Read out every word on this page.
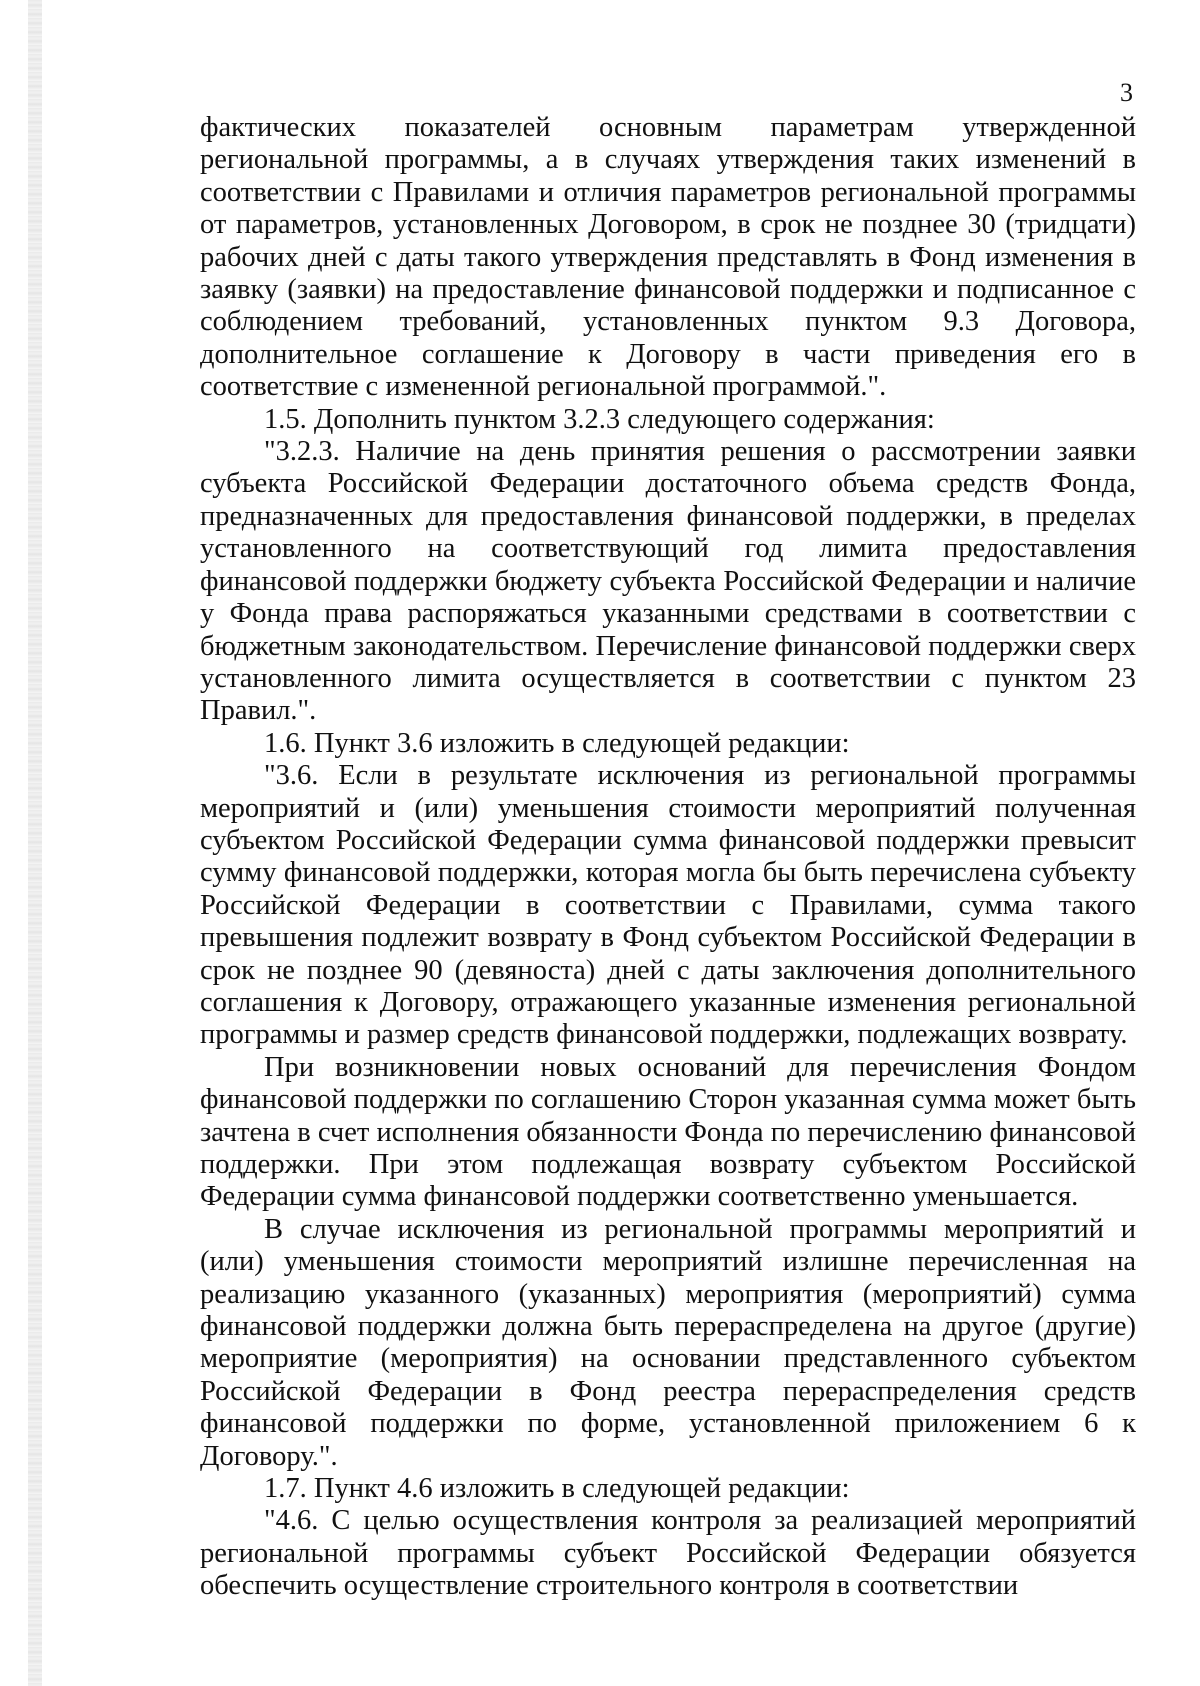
3

фактических показателей основным параметрам утвержденной региональной программы, а в случаях утверждения таких изменений в соответствии с Правилами и отличия параметров региональной программы от параметров, установленных Договором, в срок не позднее 30 (тридцати) рабочих дней с даты такого утверждения представлять в Фонд изменения в заявку (заявки) на предоставление финансовой поддержки и подписанное с соблюдением требований, установленных пунктом 9.3 Договора, дополнительное соглашение к Договору в части приведения его в соответствие с измененной региональной программой.".

1.5. Дополнить пунктом 3.2.3 следующего содержания:

"3.2.3. Наличие на день принятия решения о рассмотрении заявки субъекта Российской Федерации достаточного объема средств Фонда, предназначенных для предоставления финансовой поддержки, в пределах установленного на соответствующий год лимита предоставления финансовой поддержки бюджету субъекта Российской Федерации и наличие у Фонда права распоряжаться указанными средствами в соответствии с бюджетным законодательством. Перечисление финансовой поддержки сверх установленного лимита осуществляется в соответствии с пунктом 23 Правил.".

1.6. Пункт 3.6 изложить в следующей редакции:

"3.6. Если в результате исключения из региональной программы мероприятий и (или) уменьшения стоимости мероприятий полученная субъектом Российской Федерации сумма финансовой поддержки превысит сумму финансовой поддержки, которая могла бы быть перечислена субъекту Российской Федерации в соответствии с Правилами, сумма такого превышения подлежит возврату в Фонд субъектом Российской Федерации в срок не позднее 90 (девяноста) дней с даты заключения дополнительного соглашения к Договору, отражающего указанные изменения региональной программы и размер средств финансовой поддержки, подлежащих возврату.

При возникновении новых оснований для перечисления Фондом финансовой поддержки по соглашению Сторон указанная сумма может быть зачтена в счет исполнения обязанности Фонда по перечислению финансовой поддержки. При этом подлежащая возврату субъектом Российской Федерации сумма финансовой поддержки соответственно уменьшается.

В случае исключения из региональной программы мероприятий и (или) уменьшения стоимости мероприятий излишне перечисленная на реализацию указанного (указанных) мероприятия (мероприятий) сумма финансовой поддержки должна быть перераспределена на другое (другие) мероприятие (мероприятия) на основании представленного субъектом Российской Федерации в Фонд реестра перераспределения средств финансовой поддержки по форме, установленной приложением 6 к Договору.".

1.7. Пункт 4.6 изложить в следующей редакции:

"4.6. С целью осуществления контроля за реализацией мероприятий региональной программы субъект Российской Федерации обязуется обеспечить осуществление строительного контроля в соответствии
